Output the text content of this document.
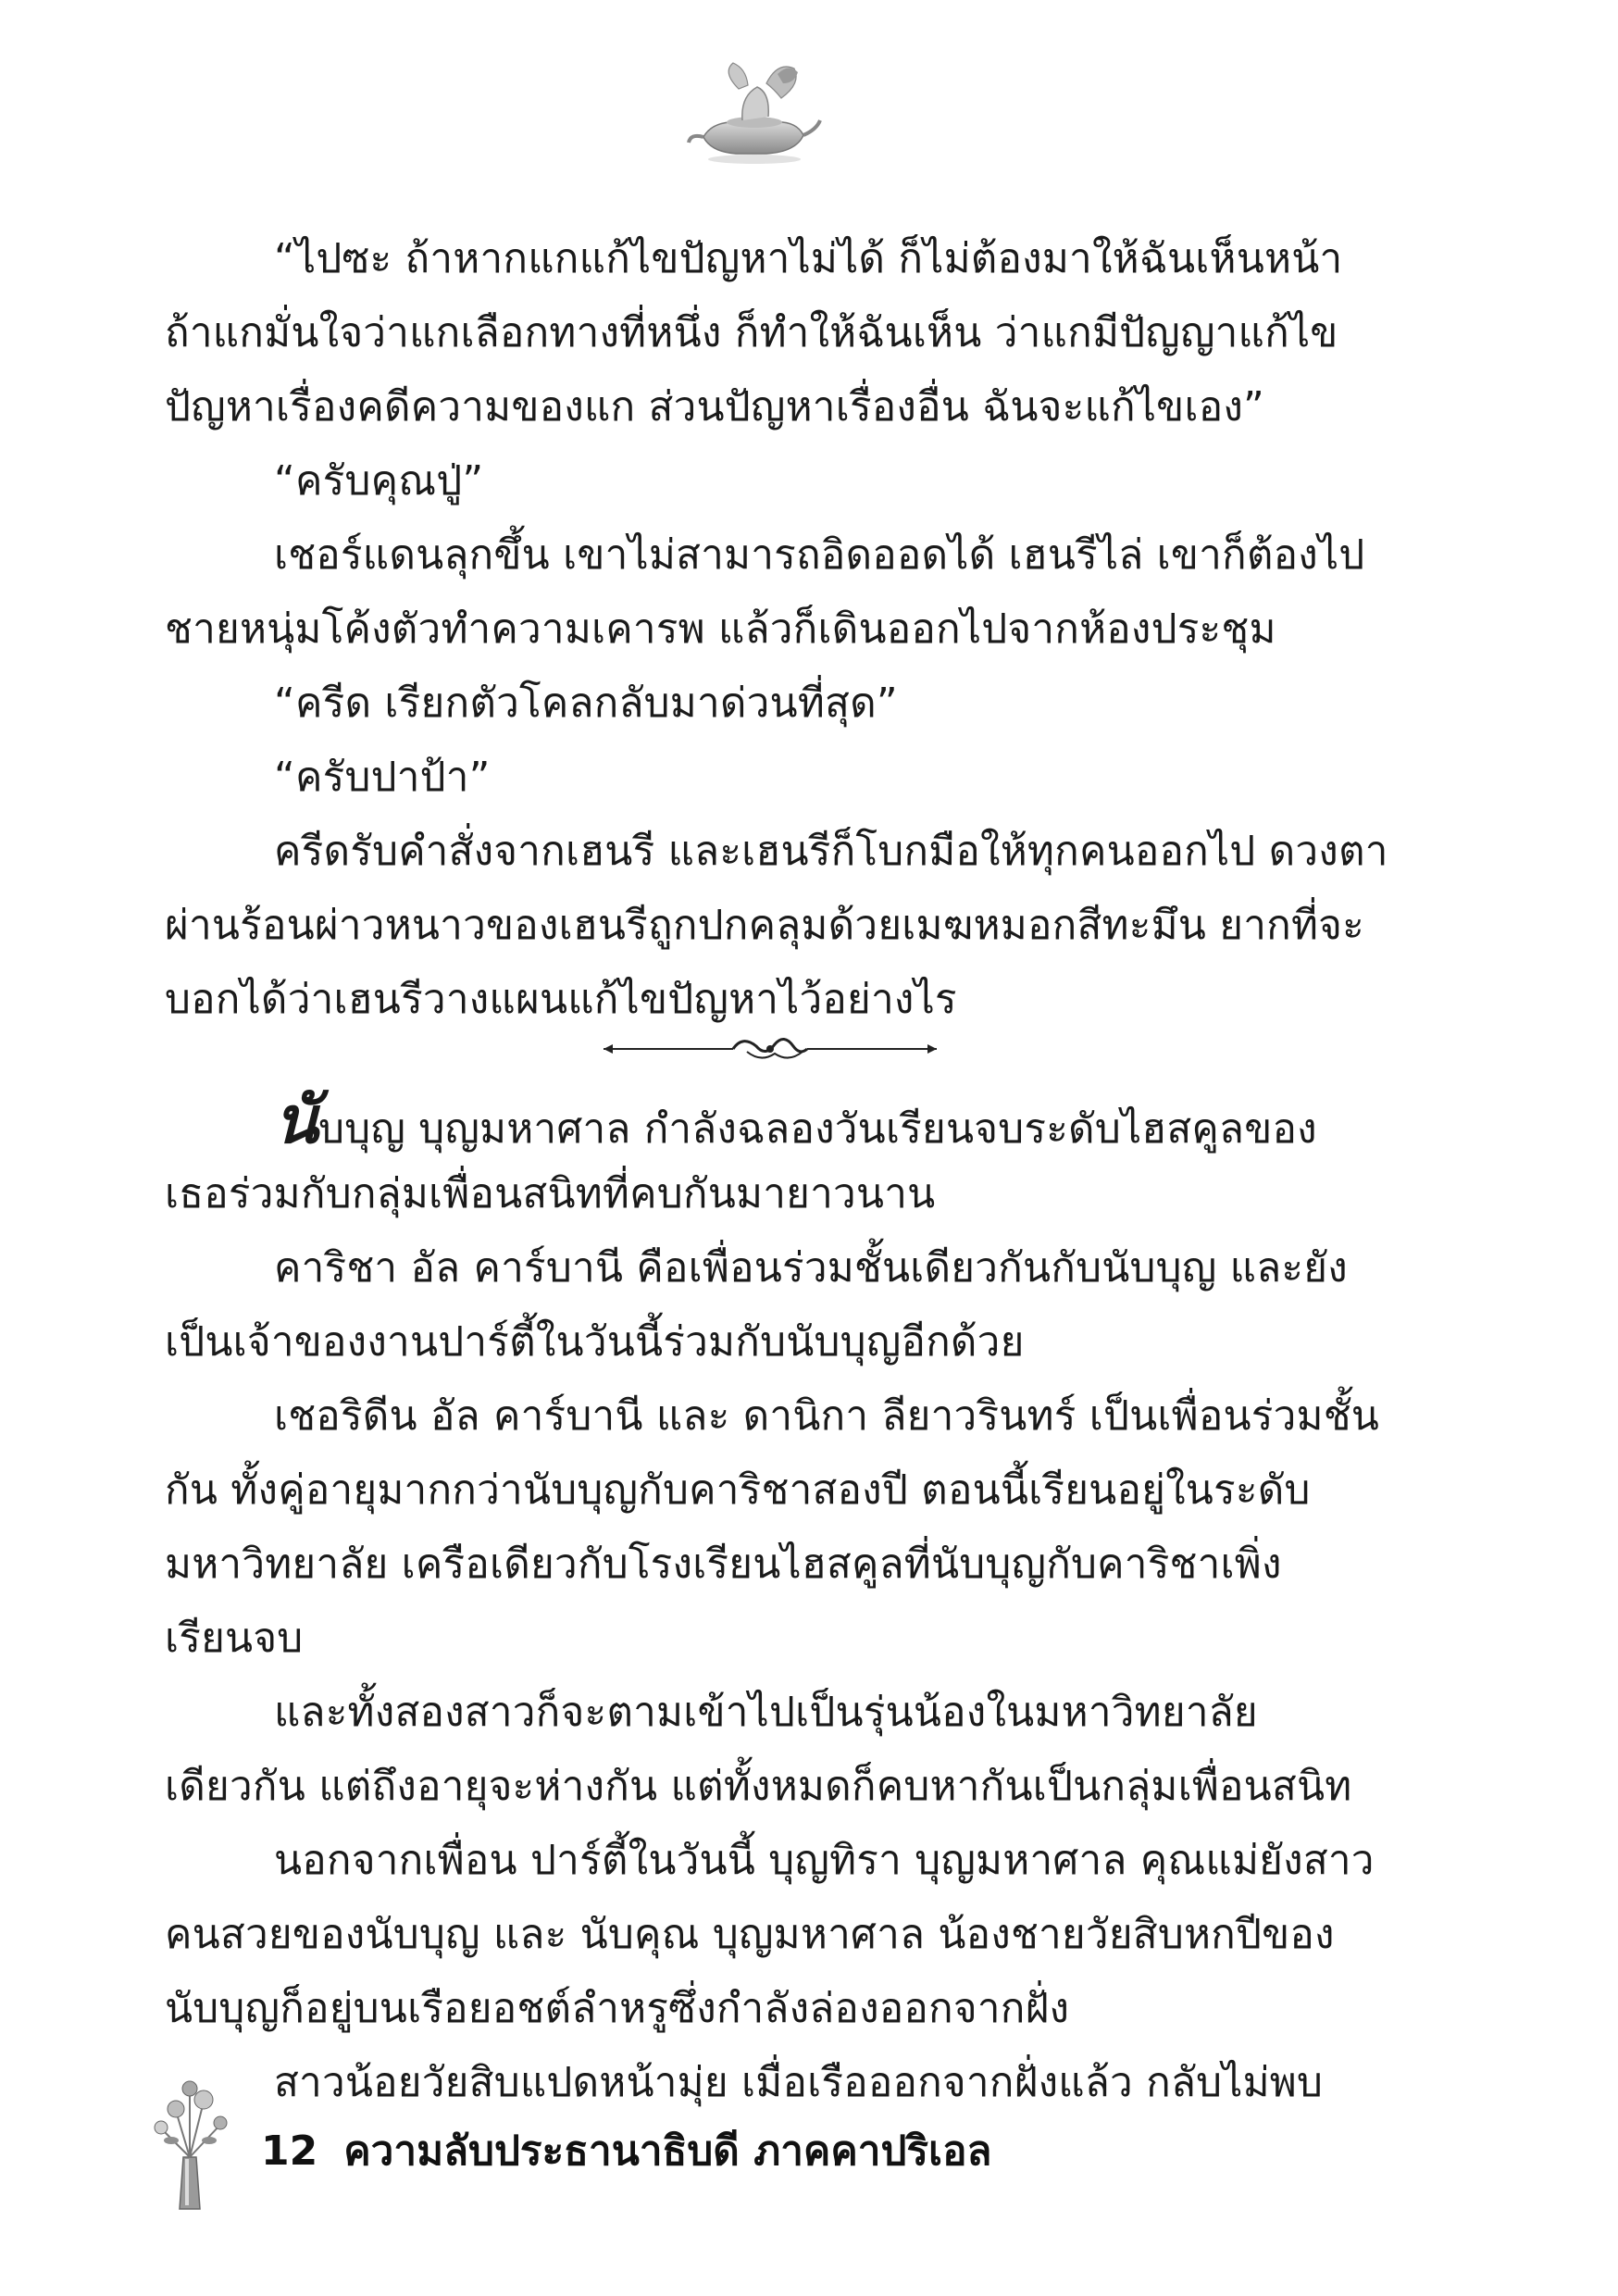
“ไปซะ ถ้าหากแกแก้ไขปัญหาไม่ได้ ก็ไม่ต้องมาให้ฉันเห็นหน้า
ถ้าแกมั่นใจว่าแกเลือกทางที่หนึ่ง ก็ทำให้ฉันเห็น ว่าแกมีปัญญาแก้ไข
ปัญหาเรื่องคดีความของแก ส่วนปัญหาเรื่องอื่น ฉันจะแก้ไขเอง”
“ครับคุณปู่”
เชอร์แดนลุกขึ้น เขาไม่สามารถอิดออดได้ เฮนรีไล่ เขาก็ต้องไป
ชายหนุ่มโค้งตัวทำความเคารพ แล้วก็เดินออกไปจากห้องประชุม
“ครีด เรียกตัวโคลกลับมาด่วนที่สุด”
“ครับปาป้า”
ครีดรับคำสั่งจากเฮนรี และเฮนรีก็โบกมือให้ทุกคนออกไป ดวงตา
ผ่านร้อนผ่าวหนาวของเฮนรีถูกปกคลุมด้วยเมฆหมอกสีทะมึน ยากที่จะ
บอกได้ว่าเฮนรีวางแผนแก้ไขปัญหาไว้อย่างไร
นับบุญ บุญมหาศาล กำลังฉลองวันเรียนจบระดับไฮสคูลของ
เธอร่วมกับกลุ่มเพื่อนสนิทที่คบกันมายาวนาน
คาริชา อัล คาร์บานี คือเพื่อนร่วมชั้นเดียวกันกับนับบุญ และยัง
เป็นเจ้าของงานปาร์ตี้ในวันนี้ร่วมกับนับบุญอีกด้วย
เชอริดีน อัล คาร์บานี และ ดานิกา ลียาวรินทร์ เป็นเพื่อนร่วมชั้น
กัน ทั้งคู่อายุมากกว่านับบุญกับคาริชาสองปี ตอนนี้เรียนอยู่ในระดับ
มหาวิทยาลัย เครือเดียวกับโรงเรียนไฮสคูลที่นับบุญกับคาริชาเพิ่ง
เรียนจบ
และทั้งสองสาวก็จะตามเข้าไปเป็นรุ่นน้องในมหาวิทยาลัย
เดียวกัน แต่ถึงอายุจะห่างกัน แต่ทั้งหมดก็คบหากันเป็นกลุ่มเพื่อนสนิท
นอกจากเพื่อน ปาร์ตี้ในวันนี้ บุญทิรา บุญมหาศาล คุณแม่ยังสาว
คนสวยของนับบุญ และ นับคุณ บุญมหาศาล น้องชายวัยสิบหกปีของ
นับบุญก็อยู่บนเรือยอชต์ลำหรูซึ่งกำลังล่องออกจากฝั่ง
สาวน้อยวัยสิบแปดหน้ามุ่ย เมื่อเรือออกจากฝั่งแล้ว กลับไม่พบ
12 ความลับประธานาธิบดี ภาคคาปริเอล
